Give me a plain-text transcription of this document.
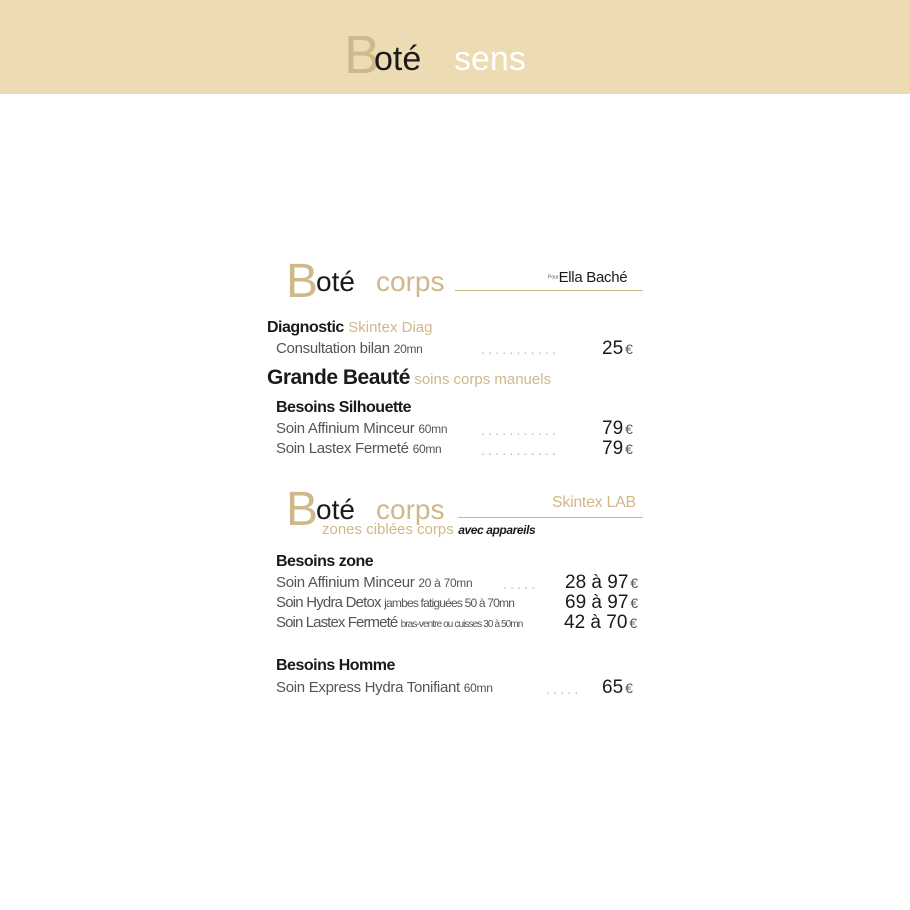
B
oté sens
B
oté corps	PourElla Baché
Diagnostic Skintex Diag
Consultation bilan 20mn	........... 25 €
Grande Beauté soins corps manuels
Besoins Silhouette
Soin Affinium Minceur 60mn ........... 79 €
Soin Lastex Fermeté 60mn	........... 79 €
B
oté corps	Skintex LAB
zones ciblées corps avec appareils
Besoins zone
Soin Affinium Minceur 20 à 70mn ..... 28 à 97 €
Soin Hydra Detox jambes fatiguées 50 à 70mn	69 à 97 €
Soin Lastex Fermeté bras-ventre ou cuisses 30 à 50mn 42 à 70 €
Besoins Homme
Soin Express Hydra Tonifiant 60mn	..... 65 €
